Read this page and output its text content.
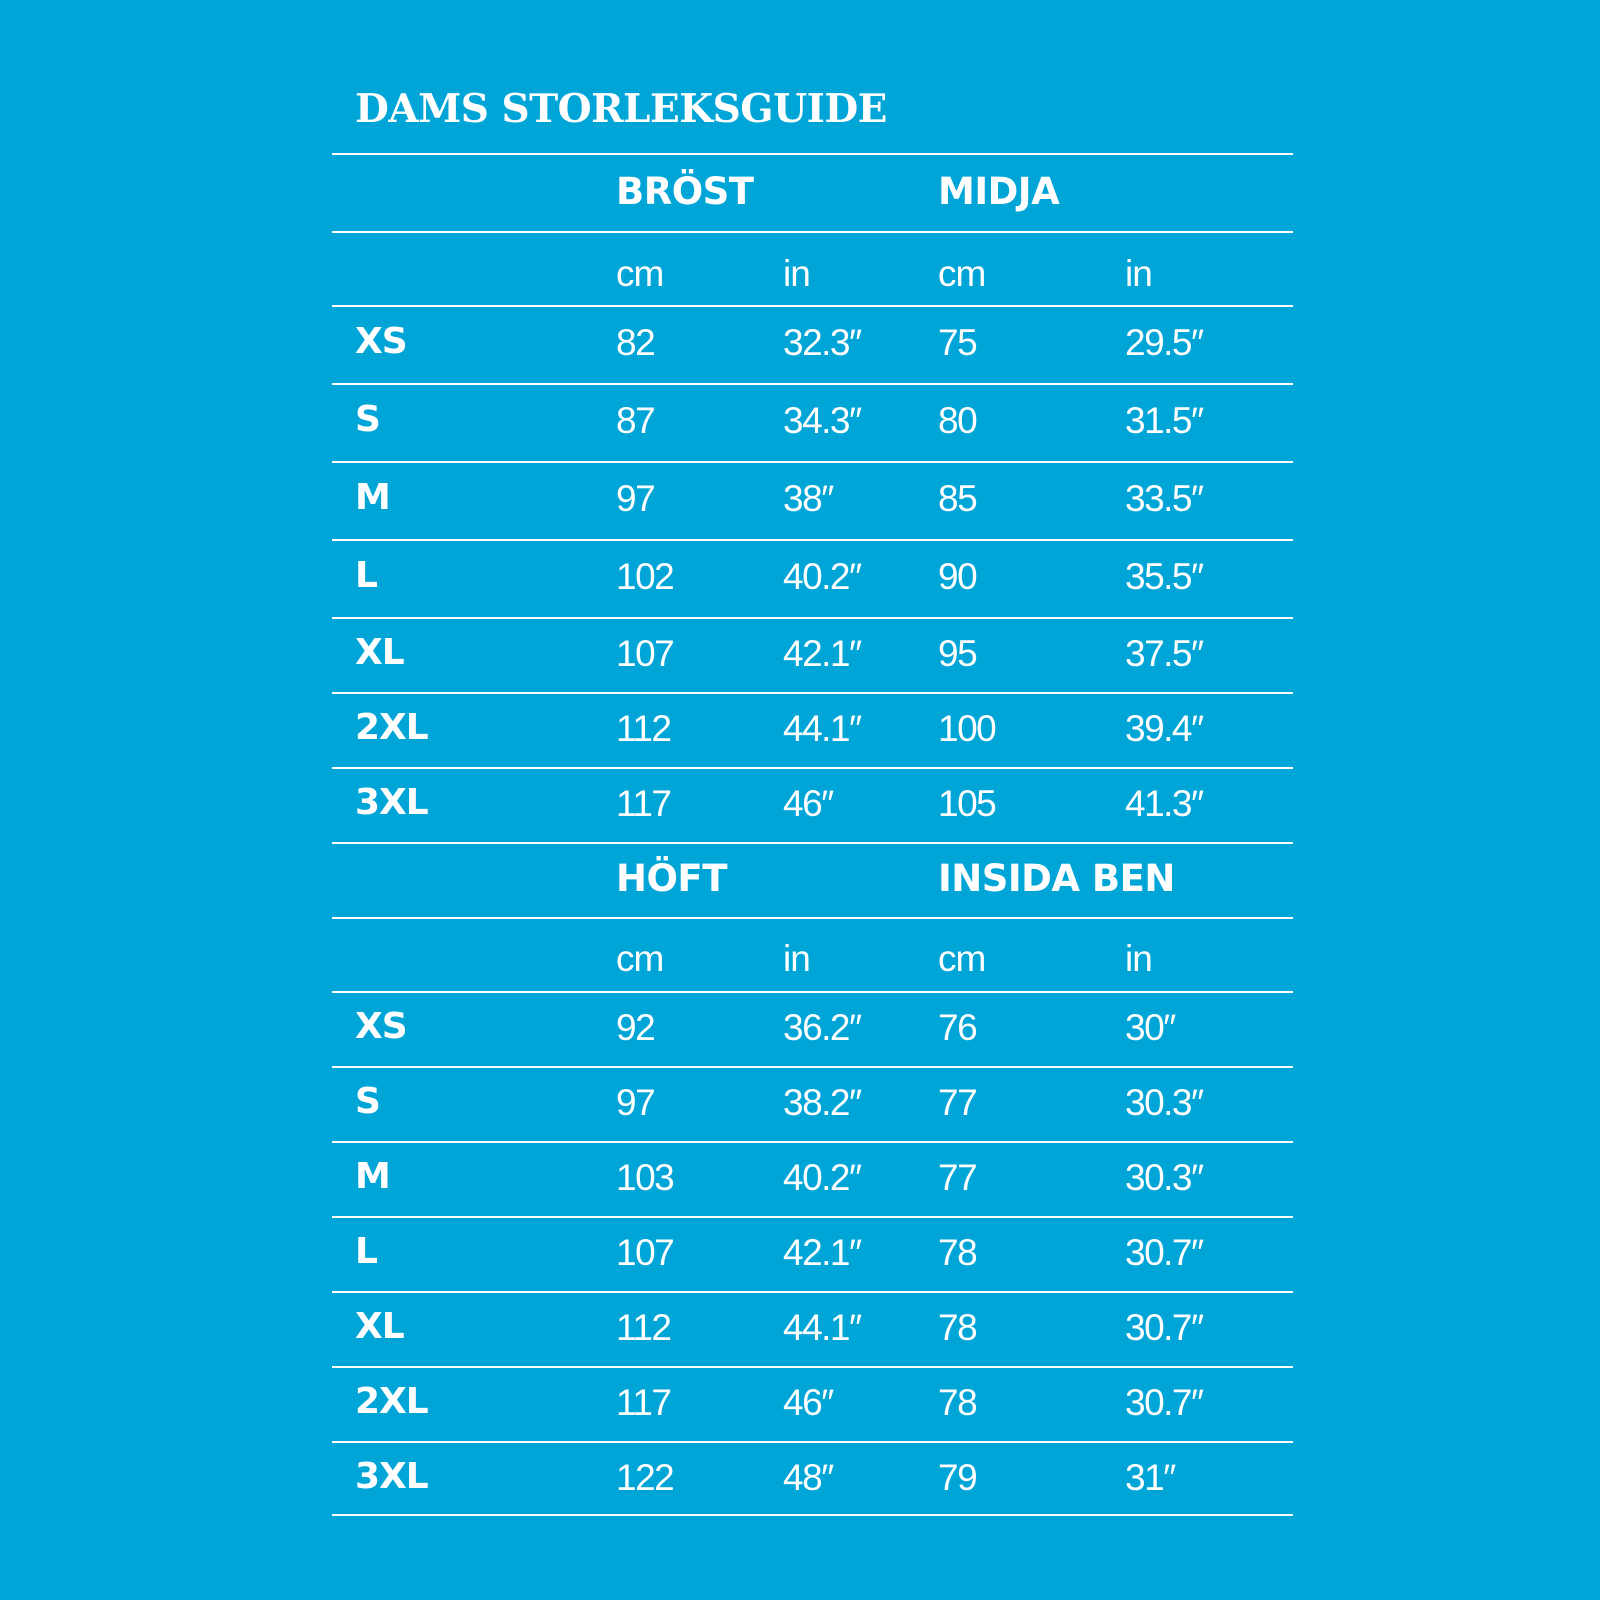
DAMS STORLEKSGUIDE
BRÖST	MIDJA
cm	in	cm	in
XS	82	32.3″ 75	29.5″
S	87	34.3″ 80	31.5″
M	97	38″	85	33.5″
L	102	40.2″ 90	35.5″
XL	107	42.1″ 95	37.5″
2XL	112	44.1″ 100	39.4″
3XL	117	46″	105	41.3″
HÖFT	INSIDA BEN
cm	in	cm	in
XS	92	36.2″ 76	30″
S	97	38.2″ 77	30.3″
M	103	40.2″ 77	30.3″
L	107	42.1″ 78	30.7″
XL	112	44.1″ 78	30.7″
2XL	117	46″	78	30.7″
3XL	122	48″	79	31″
